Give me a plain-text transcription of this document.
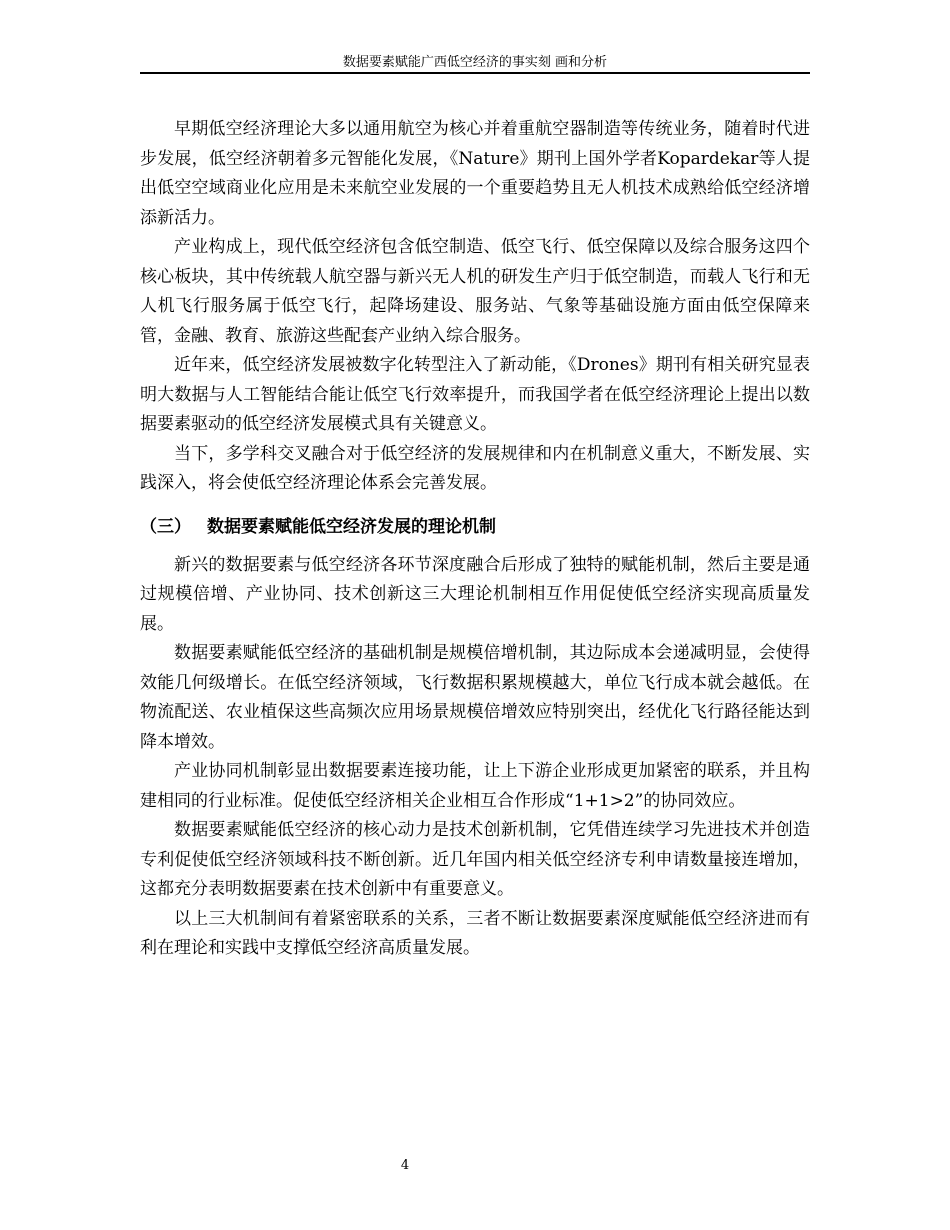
数据要素赋能广西低空经济的事实刻 画和分析

早期低空经济理论大多以通用航空为核心并着重航空器制造等传统业务，随着时代进步发展，低空经济朝着多元智能化发展，《Nature》期刊上国外学者Kopardekar等人提出低空空域商业化应用是未来航空业发展的一个重要趋势且无人机技术成熟给低空经济增添新活力。

产业构成上，现代低空经济包含低空制造、低空飞行、低空保障以及综合服务这四个核心板块，其中传统载人航空器与新兴无人机的研发生产归于低空制造，而载人飞行和无人机飞行服务属于低空飞行，起降场建设、服务站、气象等基础设施方面由低空保障来管，金融、教育、旅游这些配套产业纳入综合服务。

近年来，低空经济发展被数字化转型注入了新动能，《Drones》期刊有相关研究显表明大数据与人工智能结合能让低空飞行效率提升，而我国学者在低空经济理论上提出以数据要素驱动的低空经济发展模式具有关键意义。

当下，多学科交叉融合对于低空经济的发展规律和内在机制意义重大，不断发展、实践深入，将会使低空经济理论体系会完善发展。

（三） 数据要素赋能低空经济发展的理论机制

新兴的数据要素与低空经济各环节深度融合后形成了独特的赋能机制，然后主要是通过规模倍增、产业协同、技术创新这三大理论机制相互作用促使低空经济实现高质量发展。

数据要素赋能低空经济的基础机制是规模倍增机制，其边际成本会递减明显，会使得效能几何级增长。在低空经济领域，飞行数据积累规模越大，单位飞行成本就会越低。在物流配送、农业植保这些高频次应用场景规模倍增效应特别突出，经优化飞行路径能达到降本增效。

产业协同机制彰显出数据要素连接功能，让上下游企业形成更加紧密的联系，并且构建相同的行业标准。促使低空经济相关企业相互合作形成“1+1>2”的协同效应。

数据要素赋能低空经济的核心动力是技术创新机制，它凭借连续学习先进技术并创造专利促使低空经济领域科技不断创新。近几年国内相关低空经济专利申请数量接连增加，这都充分表明数据要素在技术创新中有重要意义。

以上三大机制间有着紧密联系的关系，三者不断让数据要素深度赋能低空经济进而有利在理论和实践中支撑低空经济高质量发展。

4
